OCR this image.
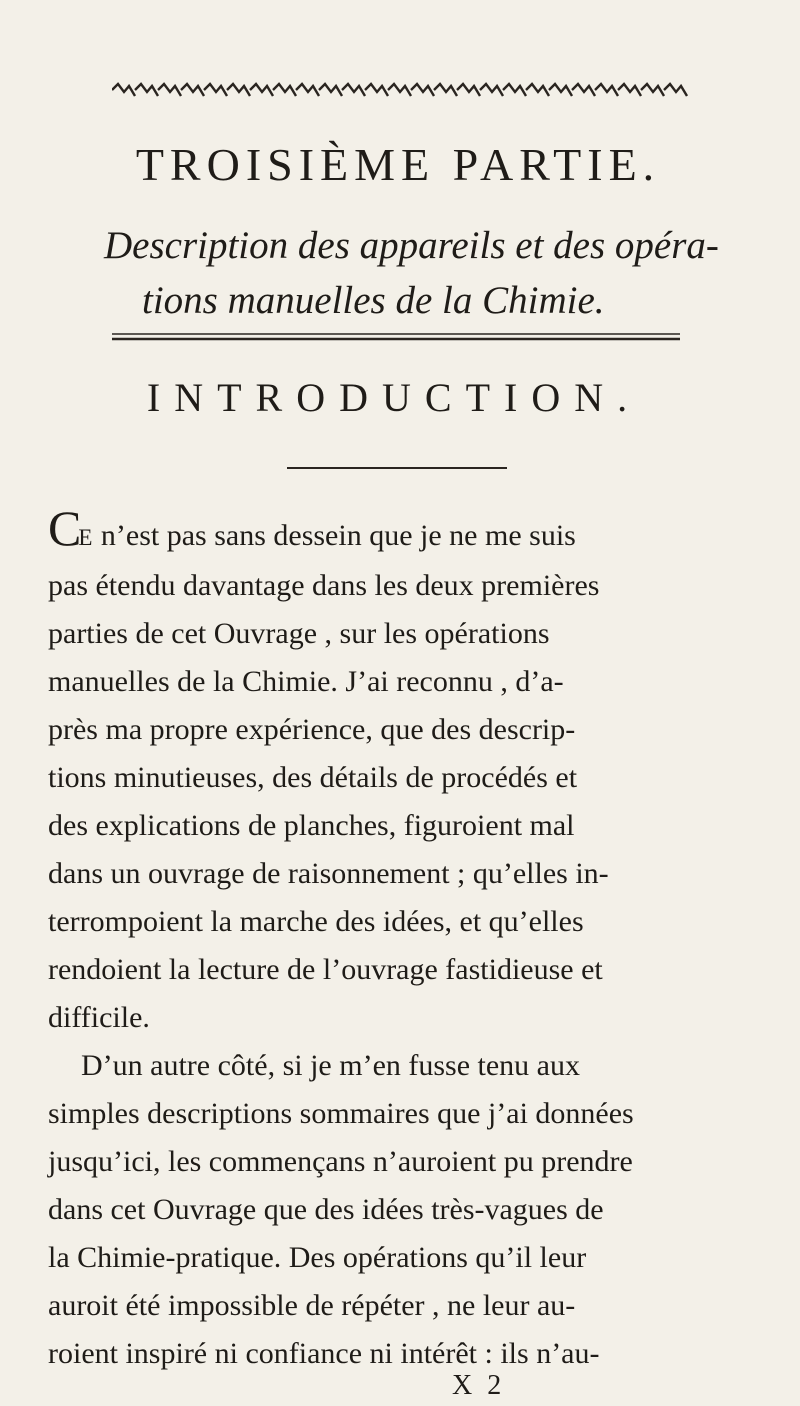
TROISIÈME PARTIE.
Description des appareils et des opéra-
tions manuelles de la Chimie.
INTRODUCTION.
CE n’est pas sans dessein que je ne me suis
pas étendu davantage dans les deux premières
parties de cet Ouvrage , sur les opérations
manuelles de la Chimie. J’ai reconnu , d’a-
près ma propre expérience, que des descrip-
tions minutieuses, des détails de procédés et
des explications de planches, figuroient mal
dans un ouvrage de raisonnement ; qu’elles in-
terrompoient la marche des idées, et qu’elles
rendoient la lecture de l’ouvrage fastidieuse et
difficile.
D’un autre côté, si je m’en fusse tenu aux
simples descriptions sommaires que j’ai données
jusqu’ici, les commençans n’auroient pu prendre
dans cet Ouvrage que des idées très-vagues de
la Chimie-pratique. Des opérations qu’il leur
auroit été impossible de répéter , ne leur au-
roient inspiré ni confiance ni intérêt : ils n’au-
X 2
